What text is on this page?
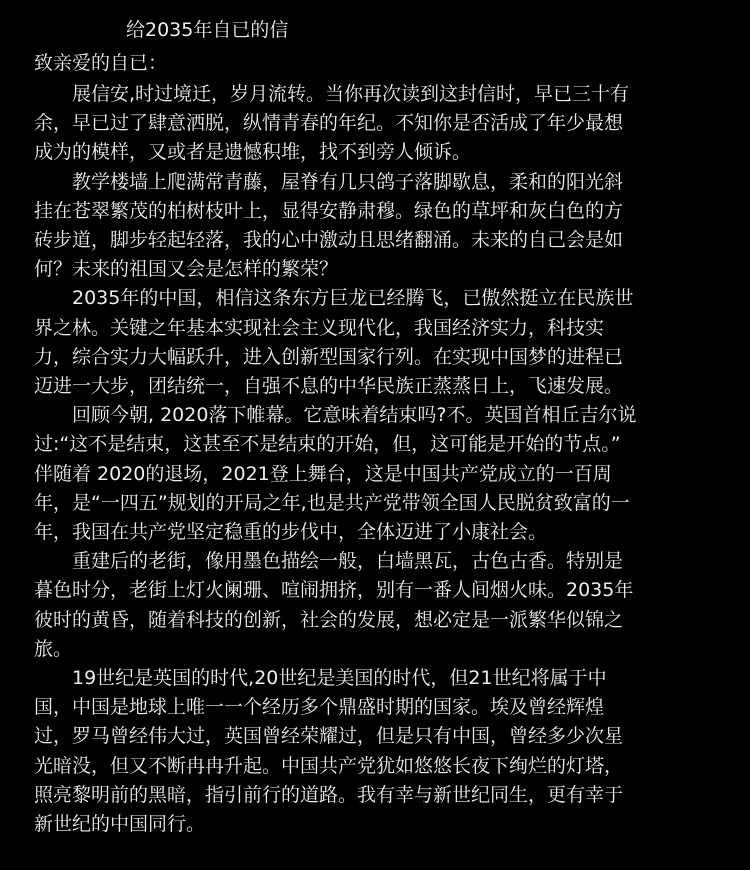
给2035年自已的信
致亲爱的自已：
展信安,时过境迁，岁月流转。当你再次读到这封信时，早已三十有
余，早已过了肆意洒脱，纵情青春的年纪。不知你是否活成了年少最想
成为的模样，又或者是遗憾积堆，找不到旁人倾诉。
教学楼墙上爬满常青藤，屋脊有几只鸽子落脚歇息，柔和的阳光斜
挂在苍翠繁茂的柏树枝叶上，显得安静肃穆。绿色的草坪和灰白色的方
砖步道，脚步轻起轻落，我的心中激动且思绪翻涌。未来的自己会是如
何？未来的祖国又会是怎样的繁荣？
2035年的中国，相信这条东方巨龙已经腾飞，已傲然挺立在民族世
界之林。关键之年基本实现社会主义现代化，我国经济实力，科技实
力，综合实力大幅跃升，进入创新型国家行列。在实现中国梦的进程已
迈进一大步，团结统一，自强不息的中华民族正蒸蒸日上，飞速发展。
回顾今朝, 2020落下帷幕。它意味着结束吗?不。英国首相丘吉尔说
过:“这不是结束，这甚至不是结束的开始，但，这可能是开始的节点。”
伴随着 2020的退场，2021登上舞台，这是中国共产党成立的一百周
年，是“一四五”规划的开局之年,也是共产党带领全国人民脱贫致富的一
年，我国在共产党坚定稳重的步伐中，全体迈进了小康社会。
重建后的老街，像用墨色描绘一般，白墙黑瓦，古色古香。特别是
暮色时分，老街上灯火阑珊、喧闹拥挤，别有一番人间烟火味。2035年
彼时的黄昏，随着科技的创新，社会的发展，想必定是一派繁华似锦之
旅。
19世纪是英国的时代,20世纪是美国的时代，但21世纪将属于中
国，中国是地球上唯一一个经历多个鼎盛时期的国家。埃及曾经辉煌
过，罗马曾经伟大过，英国曾经荣耀过，但是只有中国，曾经多少次星
光暗没，但又不断冉冉升起。中国共产党犹如悠悠长夜下绚烂的灯塔，
照亮黎明前的黑暗，指引前行的道路。我有幸与新世纪同生，更有幸于
新世纪的中国同行。
